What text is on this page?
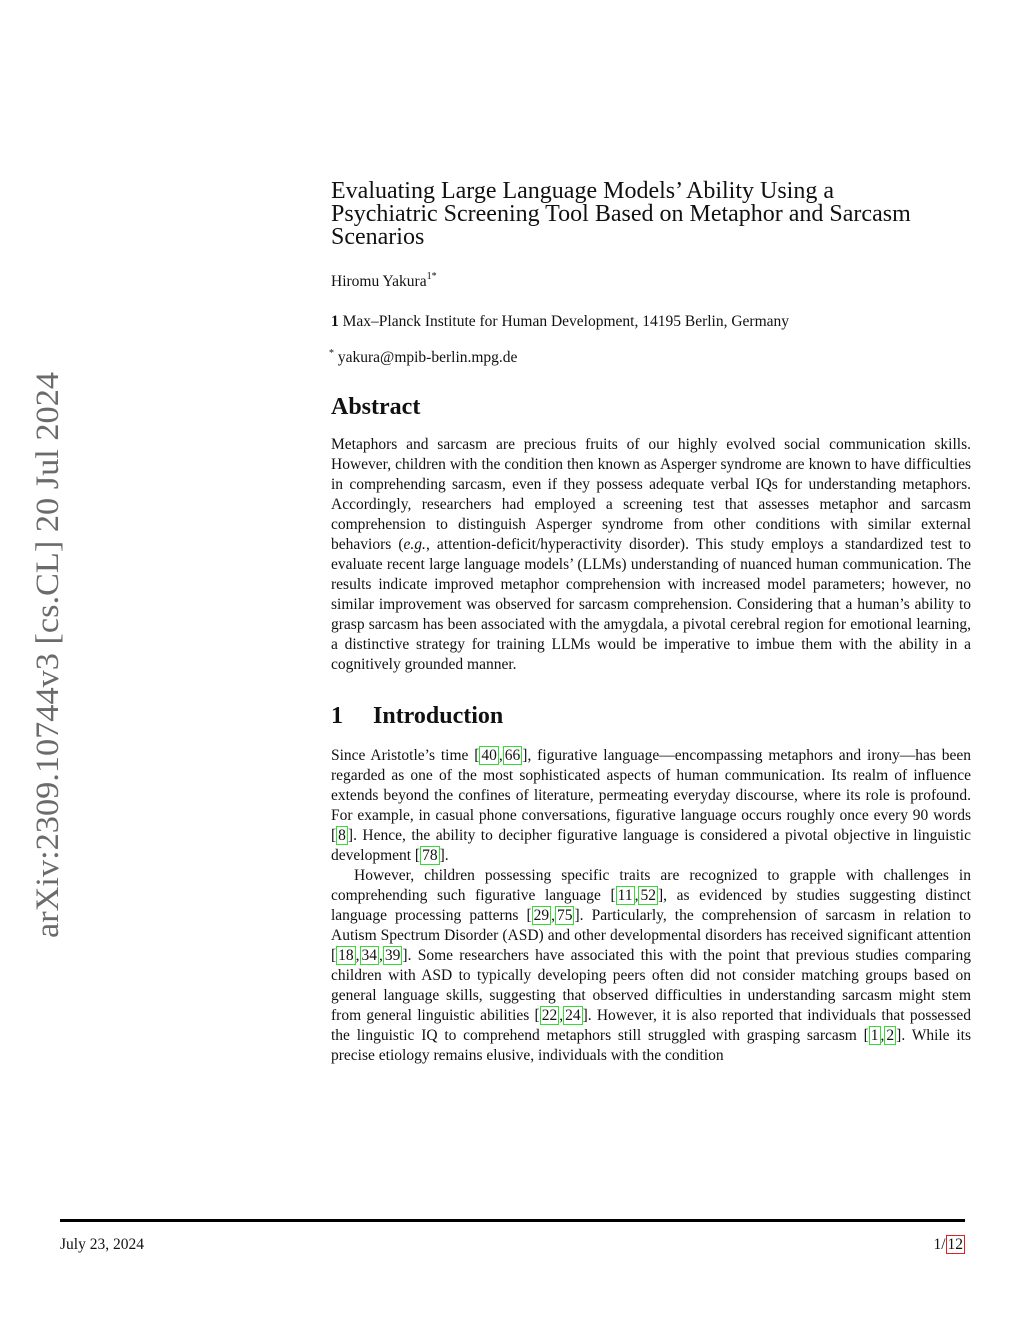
arXiv:2309.10744v3 [cs.CL] 20 Jul 2024
Evaluating Large Language Models’ Ability Using a
Psychiatric Screening Tool Based on Metaphor and Sarcasm
Scenarios
Hiromu Yakura$^{1*}$
1 Max–Planck Institute for Human Development, 14195 Berlin, Germany
* yakura@mpib-berlin.mpg.de
Abstract

Metaphors and sarcasm are precious fruits of our highly evolved social communication skills. However, children with the condition then known as Asperger syndrome are known to have difficulties in comprehending sarcasm, even if they possess adequate verbal IQs for understanding metaphors. Accordingly, researchers had employed a screening test that assesses metaphor and sarcasm comprehension to distinguish Asperger syndrome from other conditions with similar external behaviors (e.g., attention-deficit/hyperactivity disorder). This study employs a standardized test to evaluate recent large language models’ (LLMs) understanding of nuanced human communication. The results indicate improved metaphor comprehension with increased model parameters; however, no similar improvement was observed for sarcasm comprehension. Considering that a human’s ability to grasp sarcasm has been associated with the amygdala, a pivotal cerebral region for emotional learning, a distinctive strategy for training LLMs would be imperative to imbue them with the ability in a cognitively grounded manner.

1 Introduction

Since Aristotle’s time [ 40 , 66 ], figurative language—encompassing metaphors and irony—has been regarded as one of the most sophisticated aspects of human communication. Its realm of influence extends beyond the confines of literature, permeating everyday discourse, where its role is profound. For example, in casual phone conversations, figurative language occurs roughly once every 90 words [ 8 ]. Hence, the ability to decipher figurative language is considered a pivotal objective in linguistic development [ 78 ].

However, children possessing specific traits are recognized to grapple with challenges in comprehending such figurative language [ 11 , 52 ], as evidenced by studies suggesting distinct language processing patterns [ 29 , 75 ]. Particularly, the comprehension of sarcasm in relation to Autism Spectrum Disorder (ASD) and other developmental disorders has received significant attention [ 18 , 34 , 39 ]. Some researchers have associated this with the point that previous studies comparing children with ASD to typically developing peers often did not consider matching groups based on general language skills, suggesting that observed difficulties in understanding sarcasm might stem from general linguistic abilities [ 22 , 24 ]. However, it is also reported that individuals that possessed the linguistic IQ to comprehend metaphors still struggled with grasping sarcasm [ 1 , 2 ]. While its precise etiology remains elusive, individuals with the condition

July 23, 2024	1/ 12
